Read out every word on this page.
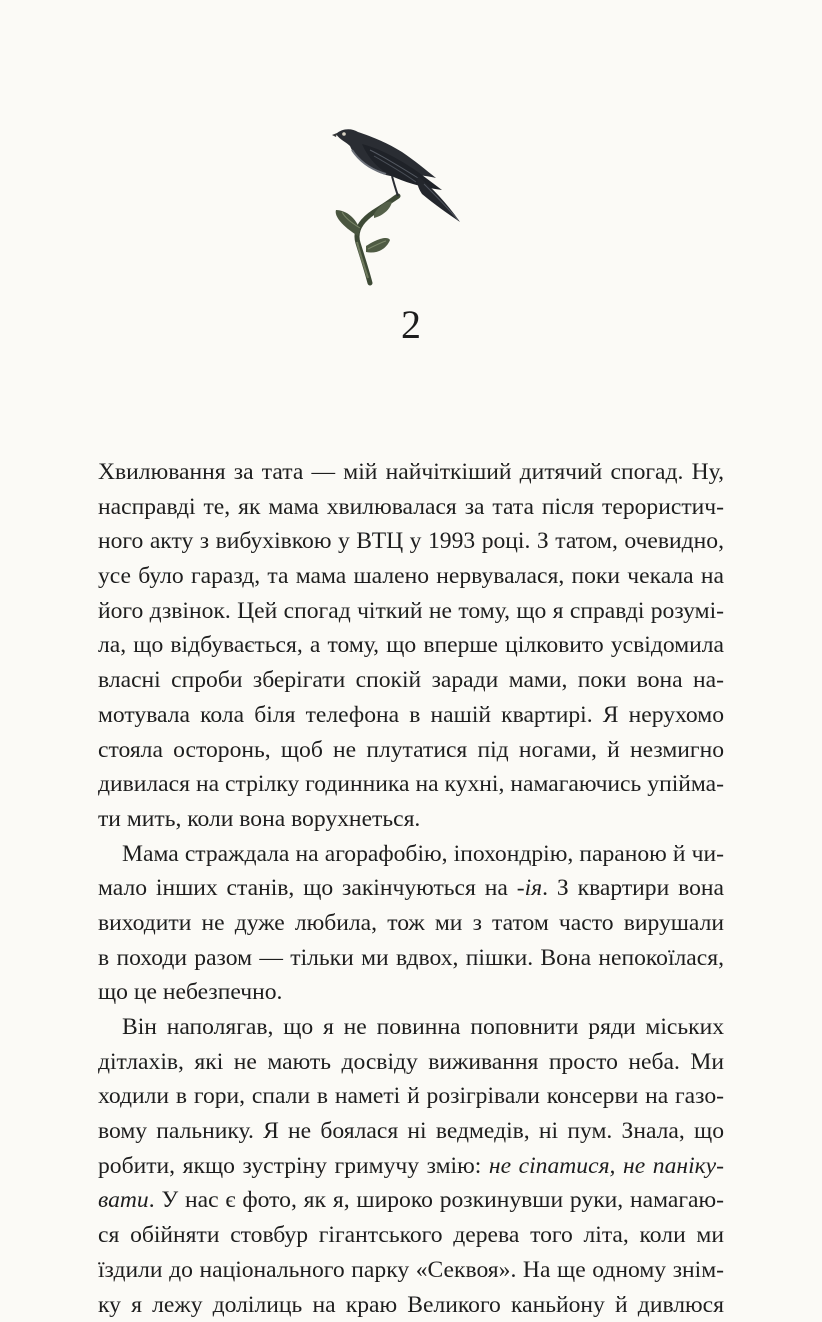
2
Хвилювання за тата — мій найчіткіший дитячий спогад. Ну,
насправді те, як мама хвилювалася за тата після терористич-
ного акту з вибухівкою у ВТЦ у 1993 році. З татом, очевидно,
усе було гаразд, та мама шалено нервувалася, поки чекала на
його дзвінок. Цей спогад чіткий не тому, що я справді розумі-
ла, що відбувається, а тому, що вперше цілковито усвідомила
власні спроби зберігати спокій заради мами, поки вона на-
мотувала кола біля телефона в нашій квартирі. Я нерухомо
стояла осторонь, щоб не плутатися під ногами, й незмигно
дивилася на стрілку годинника на кухні, намагаючись упійма-
ти мить, коли вона ворухнеться.
Мама страждала на агорафобію, іпохондрію, параною й чи-
мало інших станів, що закінчуються на -ія. З квартири вона
виходити не дуже любила, тож ми з татом часто вирушали
в походи разом — тільки ми вдвох, пішки. Вона непокоїлася,
що це небезпечно.
Він наполягав, що я не повинна поповнити ряди міських
дітлахів, які не мають досвіду виживання просто неба. Ми
ходили в гори, спали в наметі й розігрівали консерви на газо-
вому пальнику. Я не боялася ні ведмедів, ні пум. Знала, що
робити, якщо зустріну гримучу змію: не сіпатися, не паніку-
вати. У нас є фото, як я, широко розкинувши руки, намагаю-
ся обійняти стовбур гігантського дерева того літа, коли ми
їздили до національного парку «Секвоя». На ще одному знім-
ку я лежу долілиць на краю Великого каньйону й дивлюся
